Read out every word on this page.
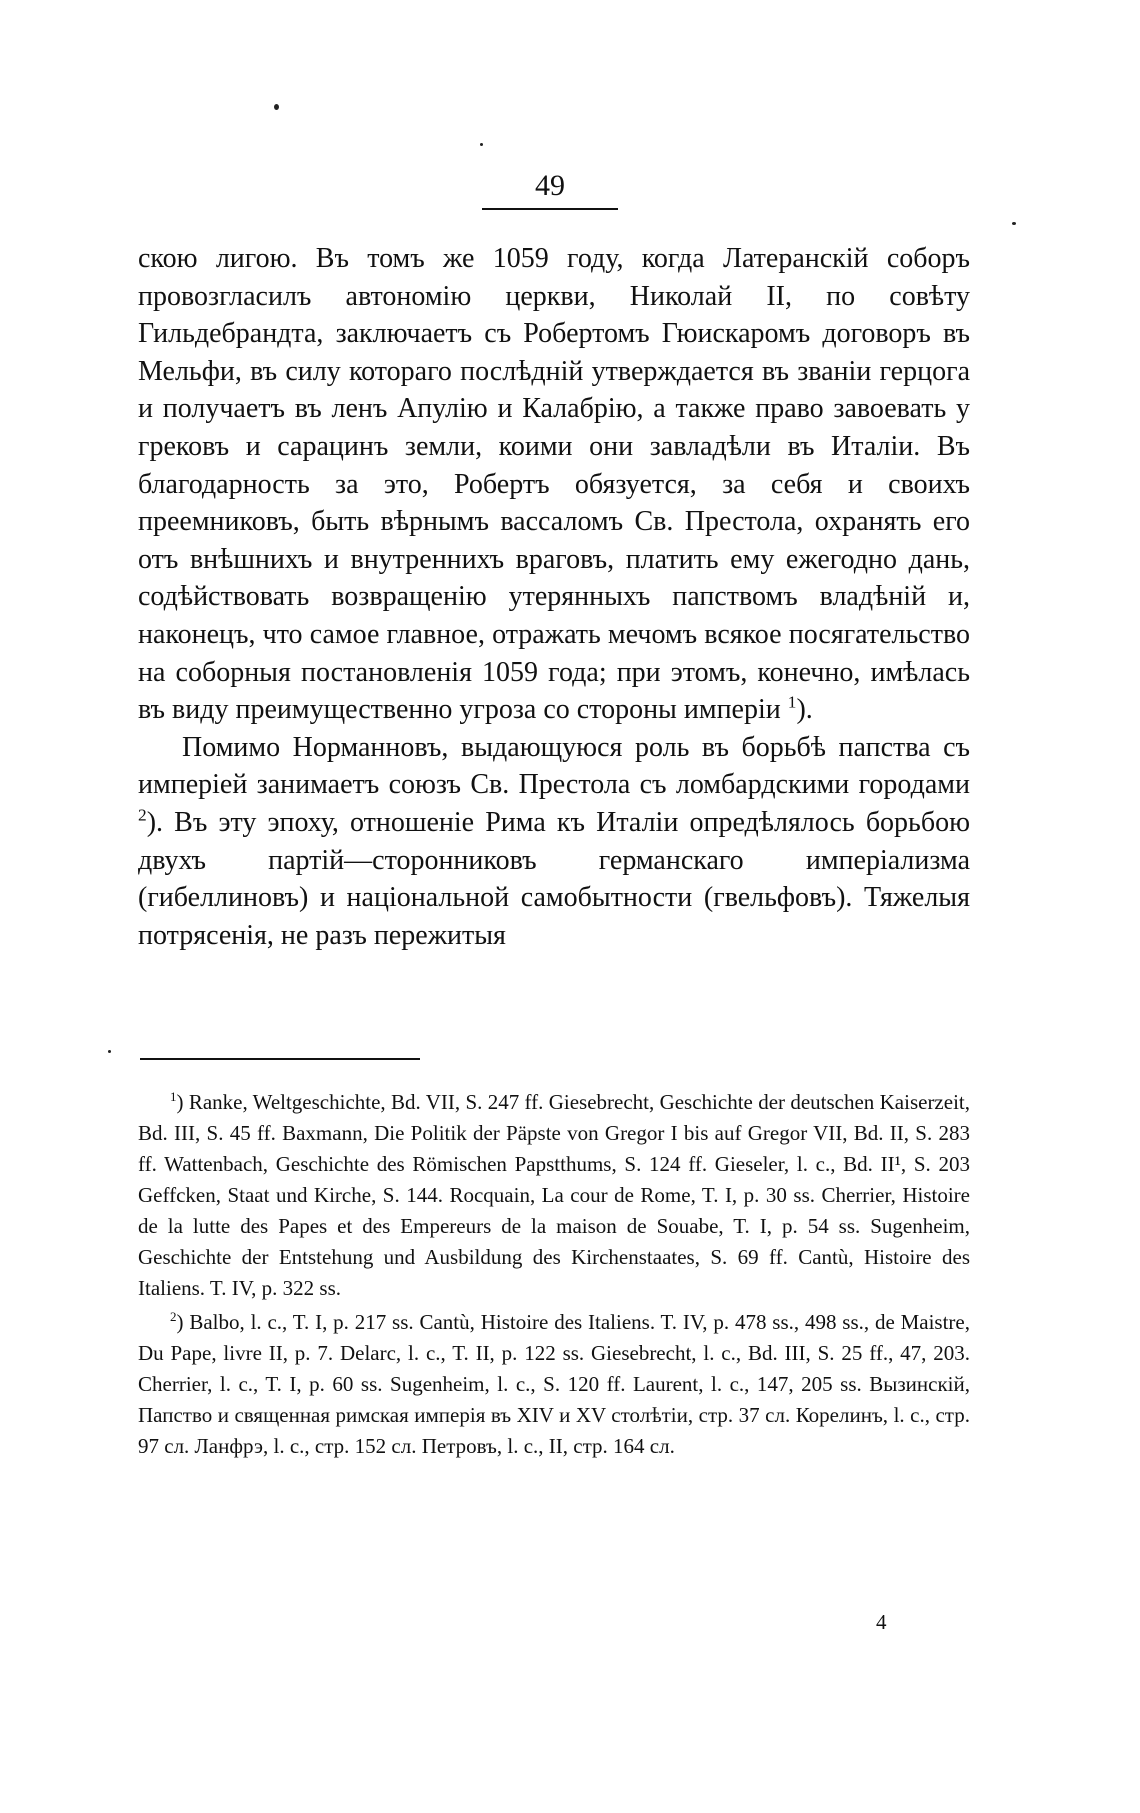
49

скою лигою. Въ томъ же 1059 году, когда Латеранскій соборъ провозгласилъ автономію церкви, Николай II, по совѣту Гильдебрандта, заключаетъ съ Робертомъ Гюискаромъ договоръ въ Мельфи, въ силу котораго послѣдній утверждается въ званіи герцога и получаетъ въ ленъ Апулію и Калабрію, а также право завоевать у грековъ и сарацинъ земли, коими они завладѣли въ Италіи. Въ благодарность за это, Робертъ обязуется, за себя и своихъ преемниковъ, быть вѣрнымъ вассаломъ Св. Престола, охранять его отъ внѣшнихъ и внутреннихъ враговъ, платить ему ежегодно дань, содѣйствовать возвращенію утерянныхъ папствомъ владѣній и, наконецъ, что самое главное, отражать мечомъ всякое посягательство на соборныя постановленія 1059 года; при этомъ, конечно, имѣлась въ виду преимущественно угроза со стороны имперіи $^1$).

Помимо Норманновъ, выдающуюся роль въ борьбѣ папства съ имперіей занимаетъ союзъ Св. Престола съ ломбардскими городами $^2$). Въ эту эпоху, отношеніе Рима къ Италіи опредѣлялось борьбою двухъ партій—сторонниковъ германскаго имперіализма (гибеллиновъ) и національной самобытности (гвельфовъ). Тяжелыя потрясенія, не разъ пережитыя

$^1$) Ranke, Weltgeschichte, Bd. VII, S. 247 ff. Giesebrecht, Geschichte der deutschen Kaiserzeit, Bd. III, S. 45 ff. Baxmann, Die Politik der Päpste von Gregor I bis auf Gregor VII, Bd. II, S. 283 ff. Wattenbach, Geschichte des Römischen Papstthums, S. 124 ff. Gieseler, l. c., Bd. II¹, S. 203 Geffcken, Staat und Kirche, S. 144. Rocquain, La cour de Rome, T. I, p. 30 ss. Cherrier, Histoire de la lutte des Papes et des Empereurs de la maison de Souabe, T. I, p. 54 ss. Sugenheim, Geschichte der Entstehung und Ausbildung des Kirchenstaates, S. 69 ff. Cantù, Histoire des Italiens. T. IV, p. 322 ss.

$^2$) Balbo, l. c., T. I, p. 217 ss. Cantù, Histoire des Italiens. T. IV, p. 478 ss., 498 ss., de Maistre, Du Pape, livre II, p. 7. Delarc, l. c., T. II, p. 122 ss. Giesebrecht, l. c., Bd. III, S. 25 ff., 47, 203. Cherrier, l. c., T. I, p. 60 ss. Sugenheim, l. c., S. 120 ff. Laurent, l. c., 147, 205 ss. Вызинскій, Папство и священная римская имперія въ XIV и XV столѣтіи, стр. 37 сл. Корелинъ, l. c., стр. 97 сл. Ланфрэ, l. c., стр. 152 сл. Петровъ, l. c., II, стр. 164 сл.

4
